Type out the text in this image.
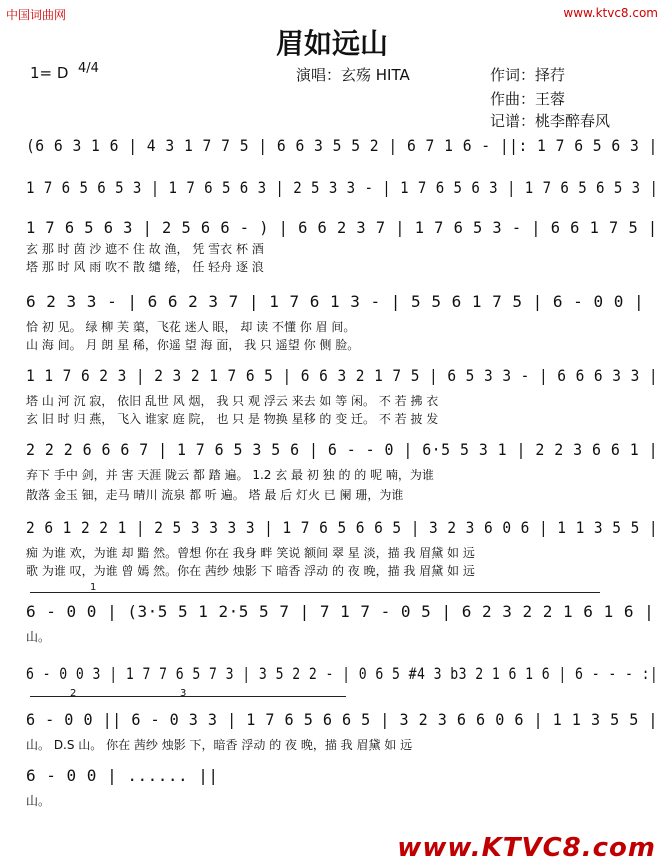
中国词曲网	www.ktvc8.com
眉如远山
1= D 4/4	演唱：玄殇 HITA	作词：择荇
作曲：王蓉
记谱：桃李醉春风
(6 6 3 1 6 | 4 3 1 7 7 5 | 6 6 3 5 5 2 | 6 7 1 6 - ||: 1 7 6 5 6 3 |
1 7 6 5 6 5 3 | 1 7 6 5 6 3 | 2 5 3 3 - | 1 7 6 5 6 3 | 1 7 6 5 6 5 3 |
1 7 6 5 6 3 | 2 5 6 6 - ) | 6 6 2 3 7 | 1 7 6 5 3 - | 6 6 1 7 5 |
玄 那 时 茵 沙 遮不 住 故 渔， 凭 雪衣 杯 酒
塔 那 时 风 雨 吹不 散 缱 绻， 任 轻舟 逐 浪
6 2 3 3 - | 6 6 2 3 7 | 1 7 6 1 3 - | 5 5 6 1 7 5 | 6 - 0 0 |
恰 初 见。 绿 柳 芙 蕖，飞花 迷人 眼， 却 读 不懂 你 眉 间。
山 海 间。 月 朗 星 稀，你遥 望 海 面， 我 只 遥望 你 侧 脸。
1 1 7 6 2 3 | 2 3 2 1 7 6 5 | 6 6 3 2 1 7 5 | 6 5 3 3 - | 6 6 6 3 3 |
塔 山 河 沉 寂， 依旧 乱世 风 烟， 我 只 观 浮云 来去 如 等 闲。 不 若 拂 衣
玄 旧 时 归 燕， 飞入 谁家 庭 院， 也 只 是 物换 星移 的 变 迁。 不 若 披 发
2 2 2 6 6 6 7 | 1 7 6 5 3 5 6 | 6 - - 0 | 6·5 5 3 1 | 2 2 3 6 6 1 |
弃下 手中 剑，并 害 天涯 陇云 都 踏 遍。 1.2 玄 最 初 独 的 的 呢 喃，为谁
散落 金玉 钿，走马 晴川 流泉 都 听 遍。 塔 最 后 灯火 已 阑 珊，为谁
2 6 1 2 2 1 | 2 5 3 3 3 3 | 1 7 6 5 6 6 5 | 3 2 3 6 0 6 | 1 1 3 5 5 |
痴 为谁 欢，为谁 却 黯 然。曾想 你在 我身 畔 笑说 额间 翠 星 淡，描 我 眉黛 如 远
歌 为谁 叹，为谁 曾 嫣 然。你在 茜纱 烛影 下 暗香 浮动 的 夜 晚，描 我 眉黛 如 远
1
6 - 0 0 | (3·5 5 1 2·5 5 7 | 7 1 7 - 0 5 | 6 2 3 2 2 1 6 1 6 |
山。
6 - 0 0 3 | 1 7 7 6 5 7 3 | 3 5 2 2 - | 0 6 5 #4 3 b3 2 1 6 1 6 | 6 - - - :|
2	3
6 - 0 0 || 6 - 0 3 3 | 1 7 6 5 6 6 5 | 3 2 3 6 6 0 6 | 1 1 3 5 5 |
山。 D.S 山。 你在 茜纱 烛影 下，暗香 浮动 的 夜 晚，描 我 眉黛 如 远
6 - 0 0 | ...... ||
山。
www.KTVC8.com
